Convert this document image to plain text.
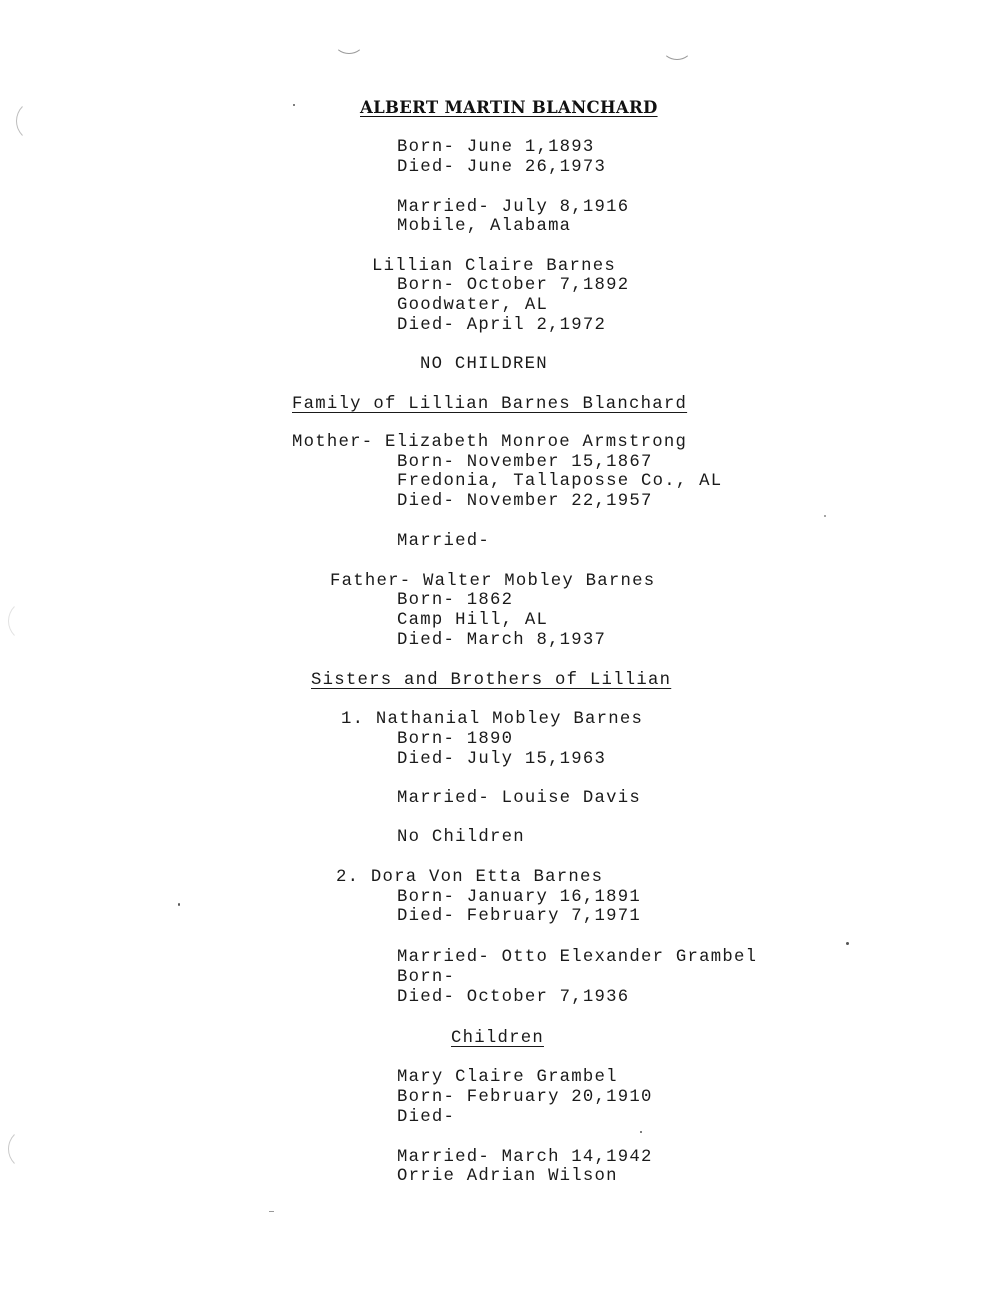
ALBERT MARTIN BLANCHARD
Born- June 1,1893
Died- June 26,1973
Married- July 8,1916
Mobile, Alabama
Lillian Claire Barnes
Born- October 7,1892
Goodwater, AL
Died- April 2,1972
NO CHILDREN
Family of Lillian Barnes Blanchard
Mother- Elizabeth Monroe Armstrong
Born- November 15,1867
Fredonia, Tallaposse Co., AL
Died- November 22,1957
Married-
Father- Walter Mobley Barnes
Born- 1862
Camp Hill, AL
Died- March 8,1937
Sisters and Brothers of Lillian
1. Nathanial Mobley Barnes
Born- 1890
Died- July 15,1963
Married- Louise Davis
No Children
2. Dora Von Etta Barnes
Born- January 16,1891
Died- February 7,1971
Married- Otto Elexander Grambel
Born-
Died- October 7,1936
Children
Mary Claire Grambel
Born- February 20,1910
Died-
Married- March 14,1942
Orrie Adrian Wilson
